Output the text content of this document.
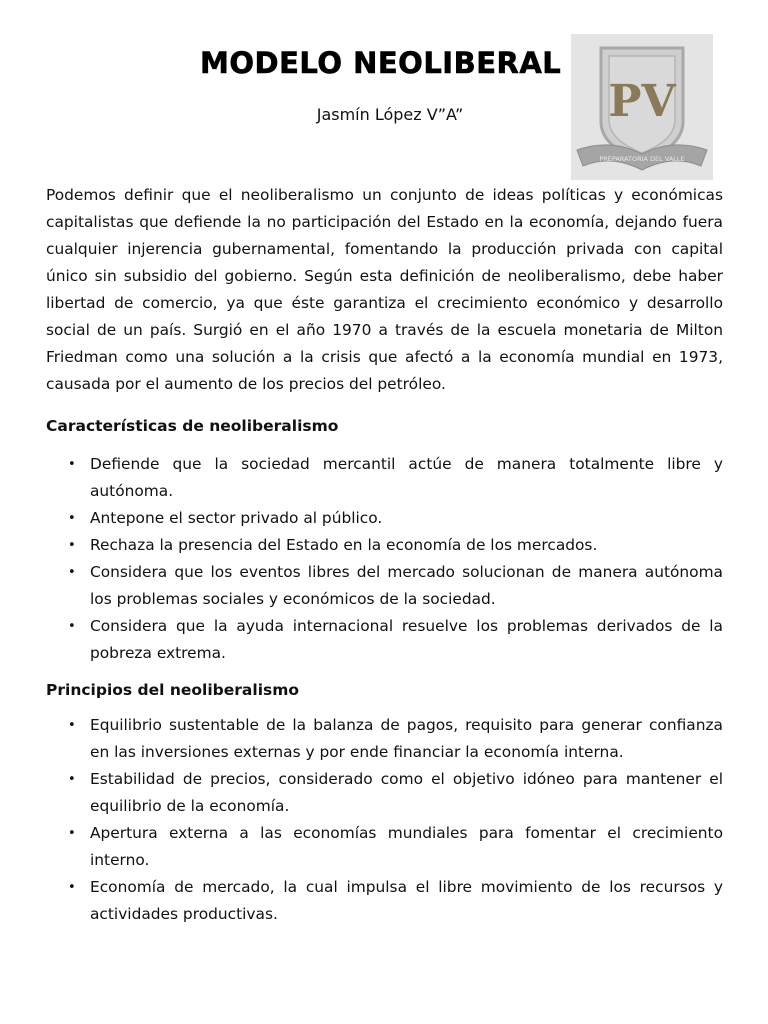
MODELO NEOLIBERAL
Jasmín López V”A”	PV
PREPARATORIA DEL VALLE

Podemos definir que el neoliberalismo un conjunto de ideas políticas y económicas capitalistas que defiende la no participación del Estado en la economía, dejando fuera cualquier injerencia gubernamental, fomentando la producción privada con capital único sin subsidio del gobierno. Según esta definición de neoliberalismo, debe haber libertad de comercio, ya que éste garantiza el crecimiento económico y desarrollo social de un país. Surgió en el año 1970 a través de la escuela monetaria de Milton Friedman como una solución a la crisis que afectó a la economía mundial en 1973, causada por el aumento de los precios del petróleo.

Características de neoliberalismo
• Defiende que la sociedad mercantil actúe de manera totalmente libre y autónoma.
• Antepone el sector privado al público.
• Rechaza la presencia del Estado en la economía de los mercados.
• Considera que los eventos libres del mercado solucionan de manera autónoma los problemas sociales y económicos de la sociedad.
• Considera que la ayuda internacional resuelve los problemas derivados de la pobreza extrema.
Principios del neoliberalismo
• Equilibrio sustentable de la balanza de pagos, requisito para generar confianza en las inversiones externas y por ende financiar la economía interna.
• Estabilidad de precios, considerado como el objetivo idóneo para mantener el equilibrio de la economía.
• Apertura externa a las economías mundiales para fomentar el crecimiento interno.
• Economía de mercado, la cual impulsa el libre movimiento de los recursos y actividades productivas.
